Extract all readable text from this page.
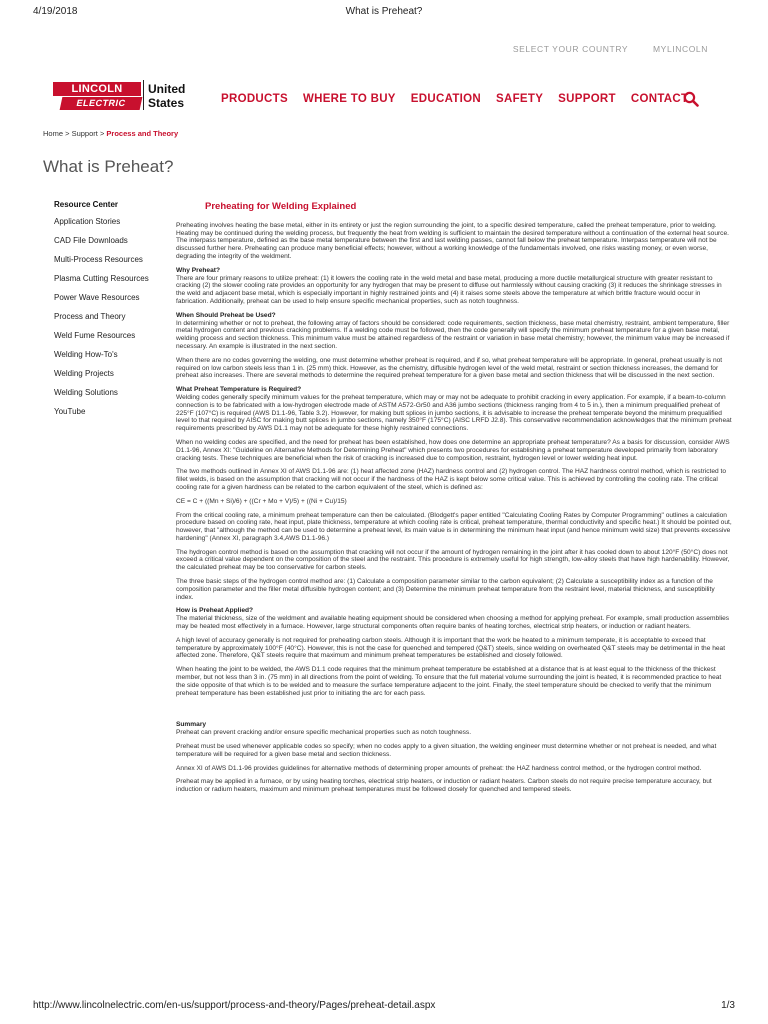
4/19/2018	What is Preheat?
SELECT YOUR COUNTRY	MYLINCOLN
LINCOLN
ELECTRIC
United
States	PRODUCTS WHERE TO BUY EDUCATION SAFETY SUPPORT CONTACT
Home > Support > Process and Theory
What is Preheat?
Resource Center
Application Stories
CAD File Downloads
Multi-Process Resources
Plasma Cutting Resources
Power Wave Resources
Process and Theory
Weld Fume Resources
Welding How-To's
Welding Projects
Welding Solutions
YouTube
Preheating for Welding Explained

Preheating involves heating the base metal, either in its entirety or just the region surrounding the joint, to a specific desired temperature, called the preheat temperature, prior to welding. Heating may be continued during the welding process, but frequently the heat from welding is sufficient to maintain the desired temperature without a continuation of the external heat source. The interpass temperature, defined as the base metal temperature between the first and last welding passes, cannot fall below the preheat temperature. Interpass temperature will not be discussed further here. Preheating can produce many beneficial effects; however, without a working knowledge of the fundamentals involved, one risks wasting money, or even worse, degrading the integrity of the weldment.

Why Preheat?

There are four primary reasons to utilize preheat: (1) it lowers the cooling rate in the weld metal and base metal, producing a more ductile metallurgical structure with greater resistant to cracking (2) the slower cooling rate provides an opportunity for any hydrogen that may be present to diffuse out harmlessly without causing cracking (3) it reduces the shrinkage stresses in the weld and adjacent base metal, which is especially important in highly restrained joints and (4) it raises some steels above the temperature at which brittle fracture would occur in fabrication. Additionally, preheat can be used to help ensure specific mechanical properties, such as notch toughness.

When Should Preheat be Used?

In determining whether or not to preheat, the following array of factors should be considered: code requirements, section thickness, base metal chemistry, restraint, ambient temperature, filler metal hydrogen content and previous cracking problems. If a welding code must be followed, then the code generally will specify the minimum preheat temperature for a given base metal, welding process and section thickness. This minimum value must be attained regardless of the restraint or variation in base metal chemistry; however, the minimum value may be increased if necessary. An example is illustrated in the next section.

When there are no codes governing the welding, one must determine whether preheat is required, and if so, what preheat temperature will be appropriate. In general, preheat usually is not required on low carbon steels less than 1 in. (25 mm) thick. However, as the chemistry, diffusible hydrogen level of the weld metal, restraint or section thickness increases, the demand for preheat also increases. There are several methods to determine the required preheat temperature for a given base metal and section thickness that will be discussed in the next section.

What Preheat Temperature is Required?

Welding codes generally specify minimum values for the preheat temperature, which may or may not be adequate to prohibit cracking in every application. For example, if a beam-to-column connection is to be fabricated with a low-hydrogen electrode made of ASTM A572-Gr50 and A36 jumbo sections (thickness ranging from 4 to 5 in.), then a minimum prequalified preheat of 225°F (107°C) is required (AWS D1.1-96, Table 3.2). However, for making butt splices in jumbo sections, it is advisable to increase the preheat temperate beyond the minimum prequalified level to that required by AISC for making butt splices in jumbo sections, namely 350°F (175°C) (AISC LRFD J2.8). This conservative recommendation acknowledges that the minimum preheat requirements prescribed by AWS D1.1 may not be adequate for these highly restrained connections.

When no welding codes are specified, and the need for preheat has been established, how does one determine an appropriate preheat temperature? As a basis for discussion, consider AWS D1.1-96, Annex XI: "Guideline on Alternative Methods for Determining Preheat" which presents two procedures for establishing a preheat temperature developed primarily from laboratory cracking tests. These techniques are beneficial when the risk of cracking is increased due to composition, restraint, hydrogen level or lower welding heat input.

The two methods outlined in Annex XI of AWS D1.1-96 are: (1) heat affected zone (HAZ) hardness control and (2) hydrogen control. The HAZ hardness control method, which is restricted to fillet welds, is based on the assumption that cracking will not occur if the hardness of the HAZ is kept below some critical value. This is achieved by controlling the cooling rate. The critical cooling rate for a given hardness can be related to the carbon equivalent of the steel, which is defined as:

CE = C + ((Mn + Si)/6) + ((Cr + Mo + V)/5) + ((Ni + Cu)/15)

From the critical cooling rate, a minimum preheat temperature can then be calculated. (Blodgett's paper entitled "Calculating Cooling Rates by Computer Programming" outlines a calculation procedure based on cooling rate, heat input, plate thickness, temperature at which cooling rate is critical, preheat temperature, thermal conductivity and specific heat.) It should be pointed out, however, that "although the method can be used to determine a preheat level, its main value is in determining the minimum heat input (and hence minimum weld size) that prevents excessive hardening" (Annex XI, paragraph 3.4,AWS D1.1-96.)

The hydrogen control method is based on the assumption that cracking will not occur if the amount of hydrogen remaining in the joint after it has cooled down to about 120°F (50°C) does not exceed a critical value dependent on the composition of the steel and the restraint. This procedure is extremely useful for high strength, low-alloy steels that have high hardenability. However, the calculated preheat may be too conservative for carbon steels.

The three basic steps of the hydrogen control method are: (1) Calculate a composition parameter similar to the carbon equivalent; (2) Calculate a susceptibility index as a function of the composition parameter and the filler metal diffusible hydrogen content; and (3) Determine the minimum preheat temperature from the restraint level, material thickness, and susceptibility index.

How is Preheat Applied?

The material thickness, size of the weldment and available heating equipment should be considered when choosing a method for applying preheat. For example, small production assemblies may be heated most effectively in a furnace. However, large structural components often require banks of heating torches, electrical strip heaters, or induction or radiant heaters.

A high level of accuracy generally is not required for preheating carbon steels. Although it is important that the work be heated to a minimum temperate, it is acceptable to exceed that temperature by approximately 100°F (40°C). However, this is not the case for quenched and tempered (Q&T) steels, since welding on overheated Q&T steels may be detrimental in the heat affected zone. Therefore, Q&T steels require that maximum and minimum preheat temperatures be established and closely followed.

When heating the joint to be welded, the AWS D1.1 code requires that the minimum preheat temperature be established at a distance that is at least equal to the thickness of the thickest member, but not less than 3 in. (75 mm) in all directions from the point of welding. To ensure that the full material volume surrounding the joint is heated, it is recommended practice to heat the side opposite of that which is to be welded and to measure the surface temperature adjacent to the joint. Finally, the steel temperature should be checked to verify that the minimum preheat temperature has been established just prior to initiating the arc for each pass.

Summary

Preheat can prevent cracking and/or ensure specific mechanical properties such as notch toughness.

Preheat must be used whenever applicable codes so specify; when no codes apply to a given situation, the welding engineer must determine whether or not preheat is needed, and what temperature will be required for a given base metal and section thickness.

Annex XI of AWS D1.1-96 provides guidelines for alternative methods of determining proper amounts of preheat: the HAZ hardness control method, or the hydrogen control method.

Preheat may be applied in a furnace, or by using heating torches, electrical strip heaters, or induction or radiant heaters. Carbon steels do not require precise temperature accuracy, but induction or radium heaters, maximum and minimum preheat temperatures must be followed closely for quenched and tempered steels.

http://www.lincolnelectric.com/en-us/support/process-and-theory/Pages/preheat-detail.aspx	1/3
